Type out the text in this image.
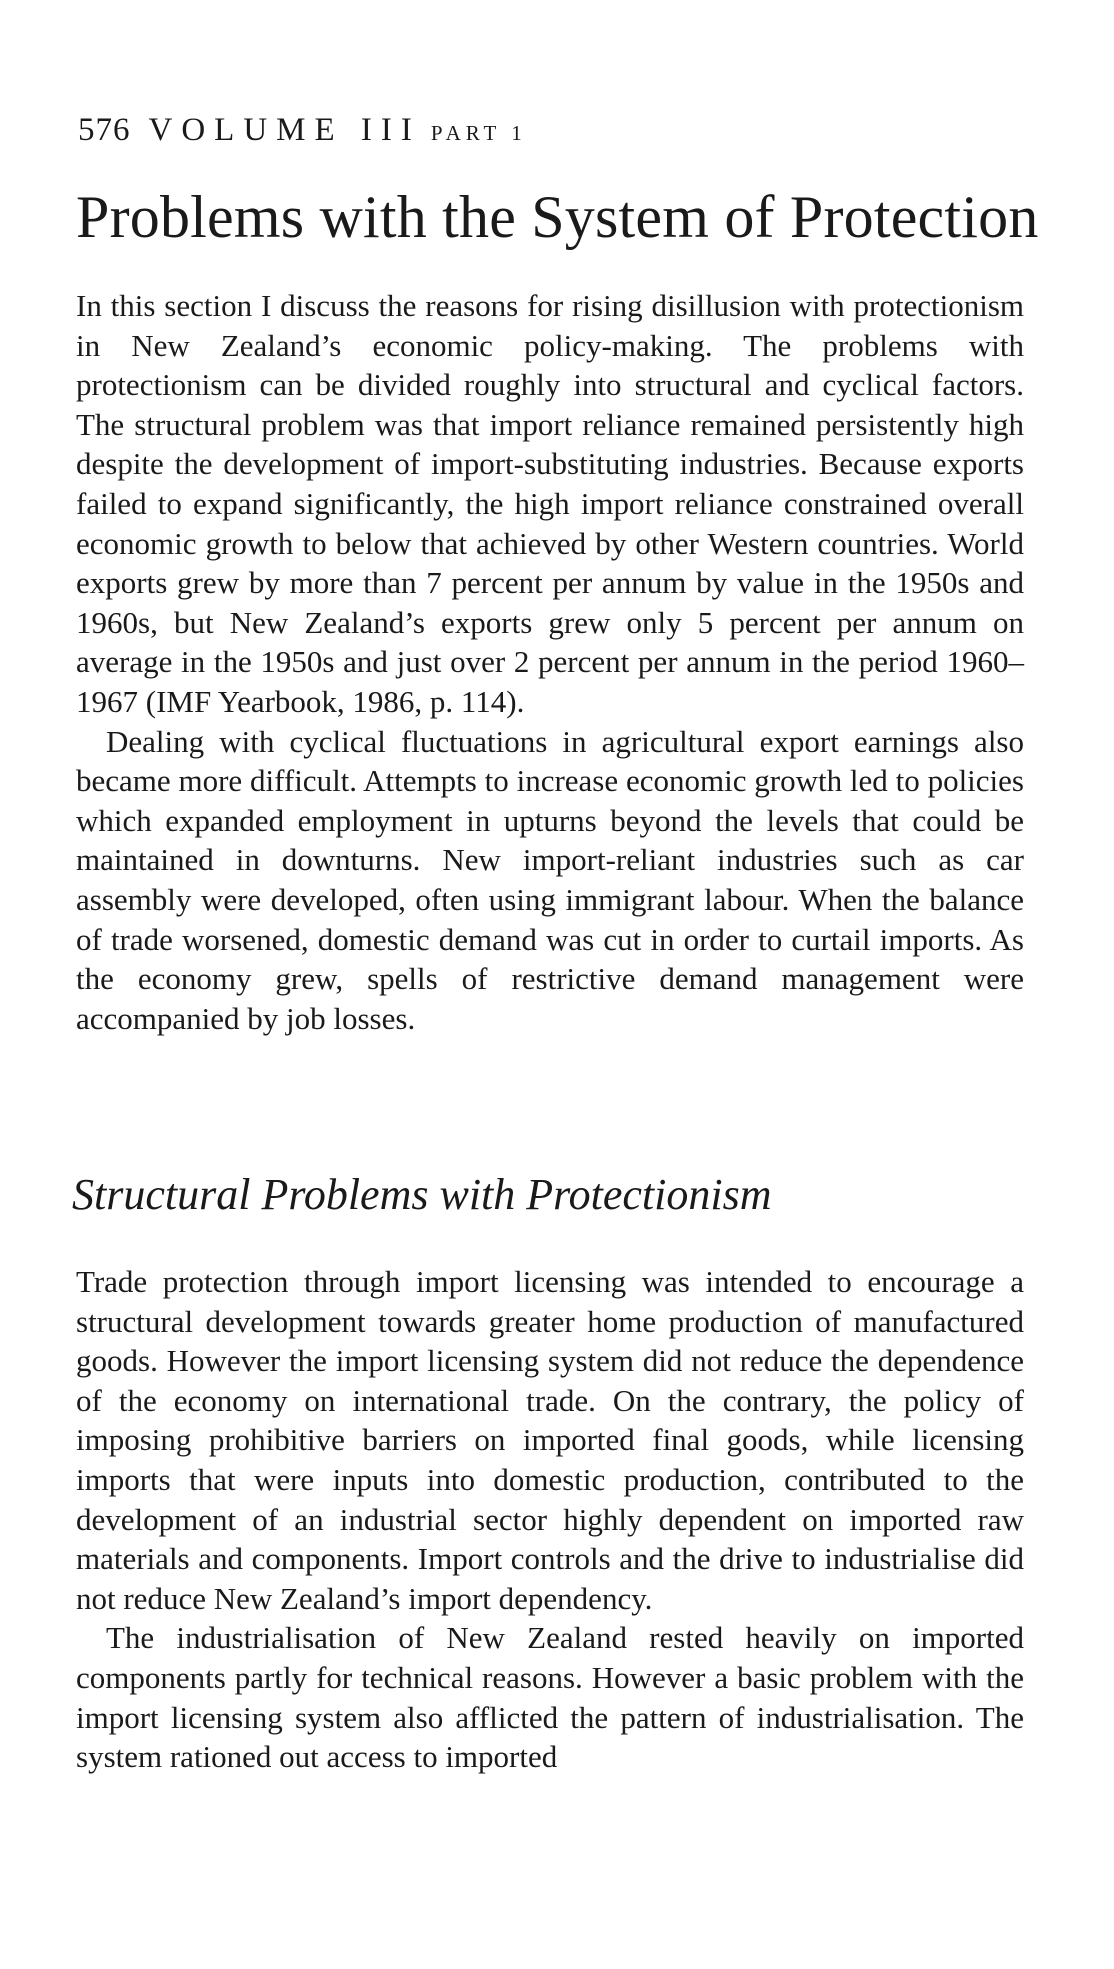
576 VOLUME III PART 1
Problems with the System of Protection

In this section I discuss the reasons for rising disillusion with protectionism in New Zealand’s economic policy-making. The problems with protectionism can be divided roughly into structural and cyclical factors. The structural problem was that import reliance remained persistently high despite the development of import-substituting industries. Because exports failed to expand significantly, the high import reliance constrained overall economic growth to below that achieved by other Western countries. World exports grew by more than 7 percent per annum by value in the 1950s and 1960s, but New Zealand’s exports grew only 5 percent per annum on average in the 1950s and just over 2 percent per annum in the period 1960–1967 (IMF Yearbook, 1986, p. 114).

Dealing with cyclical fluctuations in agricultural export earnings also became more difficult. Attempts to increase economic growth led to policies which expanded employment in upturns beyond the levels that could be maintained in downturns. New import-reliant industries such as car assembly were developed, often using immigrant labour. When the balance of trade worsened, domestic demand was cut in order to curtail imports. As the economy grew, spells of restrictive demand management were accompanied by job losses.

Structural Problems with Protectionism

Trade protection through import licensing was intended to encourage a structural development towards greater home production of manufactured goods. However the import licensing system did not reduce the dependence of the economy on international trade. On the contrary, the policy of imposing prohibitive barriers on imported final goods, while licensing imports that were inputs into domestic production, contributed to the development of an industrial sector highly dependent on imported raw materials and components. Import controls and the drive to industrialise did not reduce New Zealand’s import dependency.

The industrialisation of New Zealand rested heavily on imported components partly for technical reasons. However a basic problem with the import licensing system also afflicted the pattern of industrialisation. The system rationed out access to imported
